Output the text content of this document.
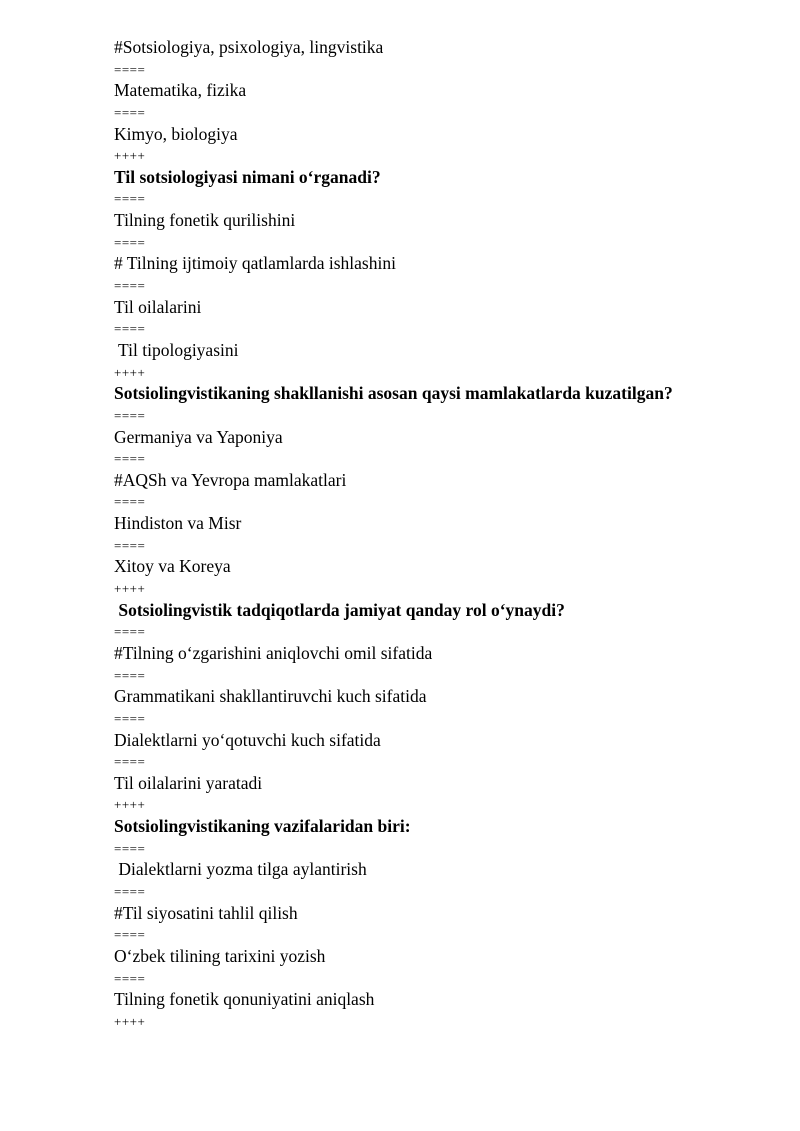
#Sotsiologiya, psixologiya, lingvistika
====
Matematika, fizika
====
Kimyo, biologiya
++++
Til sotsiologiyasi nimani oʻrganadi?
====
Tilning fonetik qurilishini
====
# Tilning ijtimoiy qatlamlarda ishlashini
====
Til oilalarini
====
Til tipologiyasini
++++
Sotsiolingvistikaning shakllanishi asosan qaysi mamlakatlarda kuzatilgan?
====
Germaniya va Yaponiya
====
#AQSh va Yevropa mamlakatlari
====
Hindiston va Misr
====
Xitoy va Koreya
++++
Sotsiolingvistik tadqiqotlarda jamiyat qanday rol oʻynaydi?
====
#Tilning oʻzgarishini aniqlovchi omil sifatida
====
Grammatikani shakllantiruvchi kuch sifatida
====
Dialektlarni yoʻqotuvchi kuch sifatida
====
Til oilalarini yaratadi
++++
Sotsiolingvistikaning vazifalaridan biri:
====
Dialektlarni yozma tilga aylantirish
====
#Til siyosatini tahlil qilish
====
Oʻzbek tilining tarixini yozish
====
Tilning fonetik qonuniyatini aniqlash
++++
